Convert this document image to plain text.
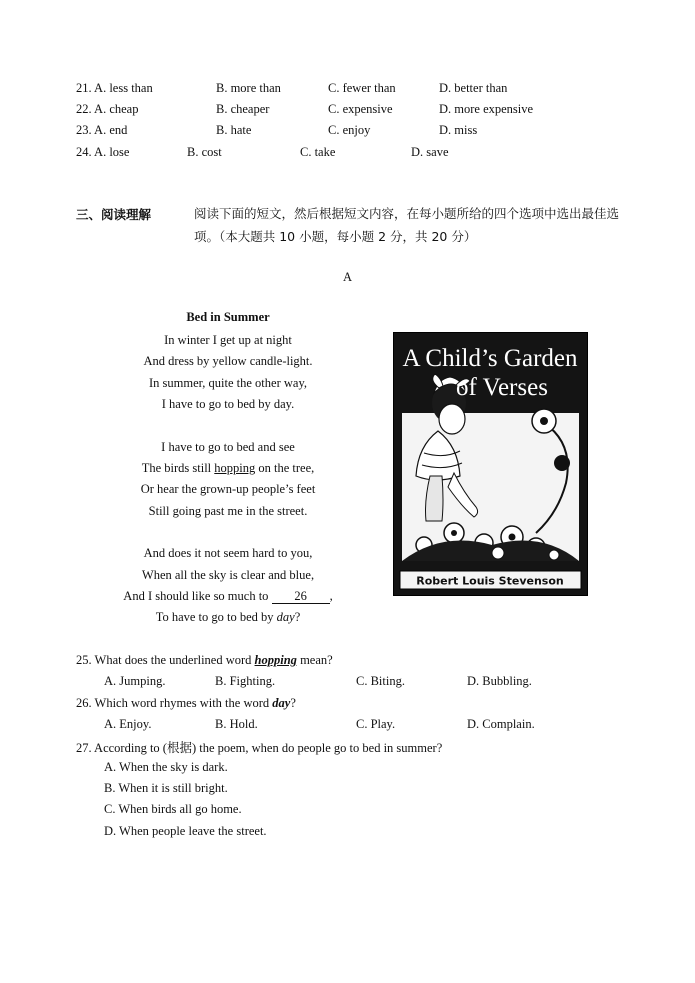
21. A. less than	B. more than	C. fewer than	D. better than
22. A. cheap	B. cheaper	C. expensive	D. more expensive
23. A. end	B. hate	C. enjoy	D. miss
24. A. lose	B. cost	C. take	D. save
三、阅读理解	阅读下面的短文，然后根据短文内容，在每小题所给的四个选项中选出最佳选项。（本大题共 10 小题，每小题 2 分，共 20 分）
A
Bed in Summer
In winter I get up at night
And dress by yellow candle-light.
In summer, quite the other way,
I have to go to bed by day.
I have to go to bed and see
The birds still hopping on the tree,
Or hear the grown-up people’s feet
Still going past me in the street.
And does it not seem hard to you,
When all the sky is clear and blue,
And I should like so much to 26 ,
To have to go to bed by day?
A Child’s Garden
of Verses
Robert Louis Stevenson
25. What does the underlined word hopping mean?
A. Jumping.	B. Fighting.	C. Biting.	D. Bubbling.
26. Which word rhymes with the word day?
A. Enjoy.	B. Hold.	C. Play.	D. Complain.
27. According to (根据) the poem, when do people go to bed in summer?
A. When the sky is dark.
B. When it is still bright.
C. When birds all go home.
D. When people leave the street.
